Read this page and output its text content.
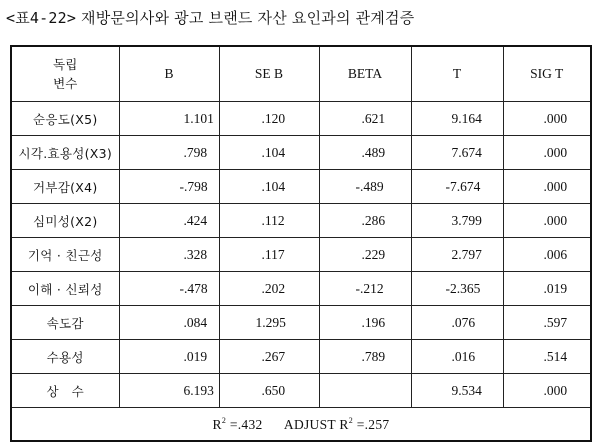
<표4-22> 재방문의사와 광고 브랜드 자산 요인과의 관계검증
독립
변수	B	SE B	BETA	T	SIG T
순응도(X5)	1.101	.120	.621	9.164	.000
시각.효용성(X3)	.798	.104	.489	7.674	.000
거부감(X4)	-.798	.104	-.489	-7.674	.000
심미성(X2)	.424	.112	.286	3.799	.000
기억 · 친근성	.328	.117	.229	2.797	.006
이해 · 신뢰성	-.478	.202	-.212	-2.365	.019
속도감	.084	1.295	.196	.076	.597
수용성	.019	.267	.789	.016	.514
상   수	6.193	.650		9.534	.000
$R^2 =.432$ ADJUST $R^2 =.257$					
